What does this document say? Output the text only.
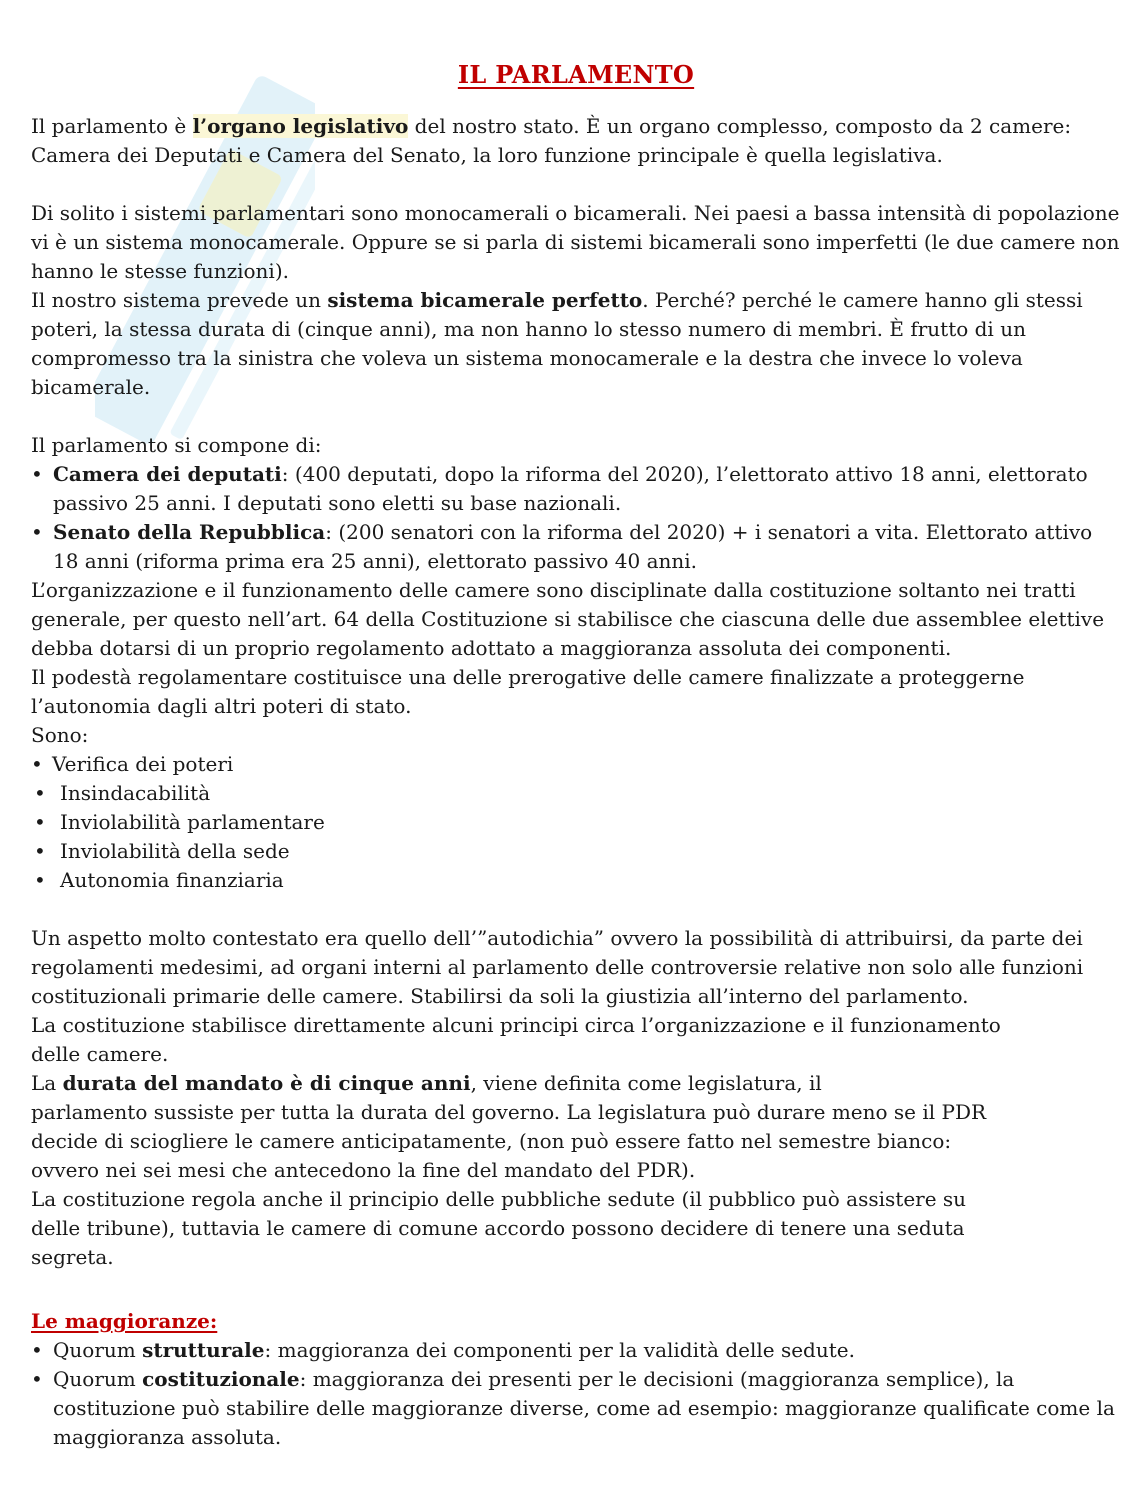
IL PARLAMENTO

Il parlamento è l’organo legislativo del nostro stato. È un organo complesso, composto da 2 camere: Camera dei Deputati e Camera del Senato, la loro funzione principale è quella legislativa.

Di solito i sistemi parlamentari sono monocamerali o bicamerali. Nei paesi a bassa intensità di popolazione vi è un sistema monocamerale. Oppure se si parla di sistemi bicamerali sono imperfetti (le due camere non hanno le stesse funzioni).

Il nostro sistema prevede un sistema bicamerale perfetto. Perché? perché le camere hanno gli stessi poteri, la stessa durata di (cinque anni), ma non hanno lo stesso numero di membri. È frutto di un compromesso tra la sinistra che voleva un sistema monocamerale e la destra che invece lo voleva bicamerale.

Il parlamento si compone di:

• Camera dei deputati: (400 deputati, dopo la riforma del 2020), l’elettorato attivo 18 anni, elettorato passivo 25 anni. I deputati sono eletti su base nazionali.
• Senato della Repubblica: (200 senatori con la riforma del 2020) + i senatori a vita. Elettorato attivo 18 anni (riforma prima era 25 anni), elettorato passivo 40 anni.

L’organizzazione e il funzionamento delle camere sono disciplinate dalla costituzione soltanto nei tratti generale, per questo nell’art. 64 della Costituzione si stabilisce che ciascuna delle due assemblee elettive debba dotarsi di un proprio regolamento adottato a maggioranza assoluta dei componenti.

Il podestà regolamentare costituisce una delle prerogative delle camere finalizzate a proteggerne l’autonomia dagli altri poteri di stato.

Sono:

• Verifica dei poteri
• Insindacabilità
• Inviolabilità parlamentare
• Inviolabilità della sede
• Autonomia finanziaria

Un aspetto molto contestato era quello dell’”autodichia” ovvero la possibilità di attribuirsi, da parte dei regolamenti medesimi, ad organi interni al parlamento delle controversie relative non solo alle funzioni costituzionali primarie delle camere. Stabilirsi da soli la giustizia all’interno del parlamento.

La costituzione stabilisce direttamente alcuni principi circa l’organizzazione e il funzionamento

delle camere.

La durata del mandato è di cinque anni, viene definita come legislatura, il

parlamento sussiste per tutta la durata del governo. La legislatura può durare meno se il PDR

decide di sciogliere le camere anticipatamente, (non può essere fatto nel semestre bianco:

ovvero nei sei mesi che antecedono la fine del mandato del PDR).

La costituzione regola anche il principio delle pubbliche sedute (il pubblico può assistere su

delle tribune), tuttavia le camere di comune accordo possono decidere di tenere una seduta

segreta.

Le maggioranze:

• Quorum strutturale: maggioranza dei componenti per la validità delle sedute.
• Quorum costituzionale: maggioranza dei presenti per le decisioni (maggioranza semplice), la costituzione può stabilire delle maggioranze diverse, come ad esempio: maggioranze qualificate come la maggioranza assoluta.
